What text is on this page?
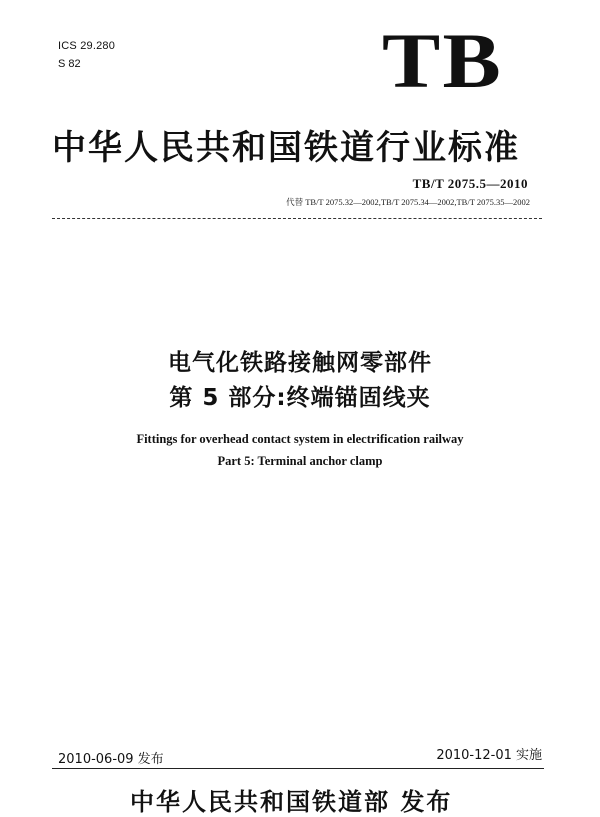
ICS 29.280
S 82	TB
中华人民共和国铁道行业标准
TB/T 2075.5—2010
代替 TB/T 2075.32—2002,TB/T 2075.34—2002,TB/T 2075.35—2002
电气化铁路接触网零部件
第 5 部分:终端锚固线夹
Fittings for overhead contact system in electrification railway
Part 5: Terminal anchor clamp
2010-06-09 发布	2010-12-01 实施
中华人民共和国铁道部 发布
